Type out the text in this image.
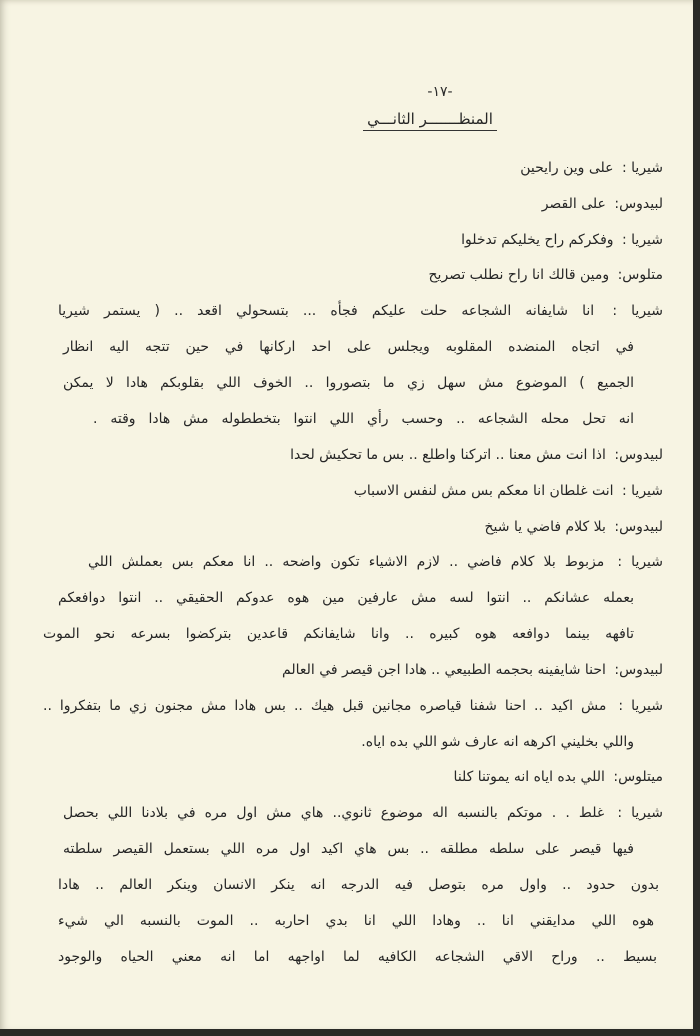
-١٧-
المنظـــــــر الثانـــي
شيريا : على وين رايحين
لبيدوس: على القصر
شيريا : وفكركم راح يخليكم تدخلوا
متلوس: ومين قالك انا راح نطلب تصريح
شيريا : انا شايفانه الشجاعه حلت عليكم فجأه ... بتسحولي اقعد .. ( يستمر شيريا
في اتجاه المنضده المقلوبه ويجلس على احد اركانها في حين تتجه اليه انظار
الجميع ) الموضوع مش سهل زي ما بتصوروا .. الخوف اللي بقلوبكم هادا لا يمكن
انه تحل محله الشجاعه .. وحسب رأي اللي انتوا بتخططوله مش هادا وقته .
لبيدوس: اذا انت مش معنا .. اتركنا واطلع .. بس ما تحكيش لحدا
شيريا : انت غلطان انا معكم بس مش لنفس الاسباب
لبيدوس: بلا كلام فاضي يا شيخ
شيريا : مزبوط بلا كلام فاضي .. لازم الاشياء تكون واضحه .. انا معكم بس بعملش اللي
بعمله عشانكم .. انتوا لسه مش عارفين مين هوه عدوكم الحقيقي .. انتوا دوافعكم
تافهه بينما دوافعه هوه كبيره .. وانا شايفانكم قاعدين بتركضوا بسرعه نحو الموت
لبيدوس: احنا شايفينه بحجمه الطبيعي .. هادا اجن قيصر في العالم
شيريا : مش اكيد .. احنا شفنا قياصره مجانين قبل هيك .. بس هادا مش مجنون زي ما بتفكروا ..
واللي بخليني اكرهه انه عارف شو اللي بده اياه.
ميتلوس: اللي بده اياه انه يموتنا كلنا
شيريا : غلط . . موتكم بالنسبه اله موضوع ثانوي.. هاي مش اول مره في بلادنا اللي بحصل
فيها قيصر على سلطه مطلقه .. بس هاي اكيد اول مره اللي بستعمل القيصر سلطته
بدون حدود .. واول مره بتوصل فيه الدرجه انه ينكر الانسان وينكر العالم .. هادا
هوه اللي مدايقني انا .. وهادا اللي انا بدي احاربه .. الموت بالنسبه الي شيء
بسيط .. وراح الاقي الشجاعه الكافيه لما اواجهه اما انه معني الحياه والوجود
